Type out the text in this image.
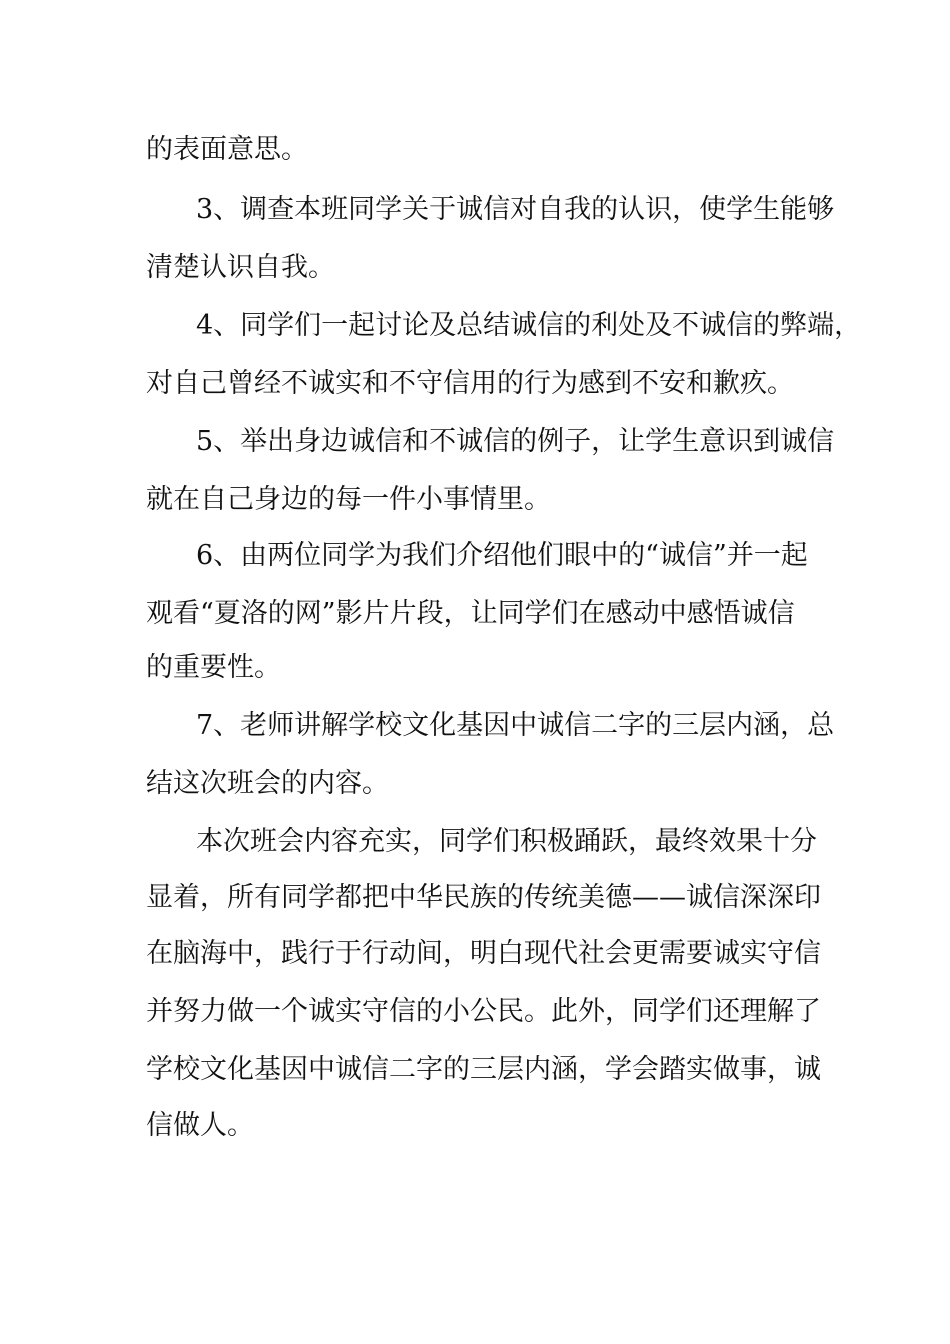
的表面意思。

3、调查本班同学关于诚信对自我的认识，使学生能够

清楚认识自我。

4、同学们一起讨论及总结诚信的利处及不诚信的弊端，

对自己曾经不诚实和不守信用的行为感到不安和歉疚。

5、举出身边诚信和不诚信的例子，让学生意识到诚信

就在自己身边的每一件小事情里。

6、由两位同学为我们介绍他们眼中的“诚信”并一起

观看“夏洛的网”影片片段，让同学们在感动中感悟诚信

的重要性。

7、老师讲解学校文化基因中诚信二字的三层内涵，总

结这次班会的内容。

本次班会内容充实，同学们积极踊跃，最终效果十分

显着，所有同学都把中华民族的传统美德——诚信深深印

在脑海中，践行于行动间，明白现代社会更需要诚实守信

并努力做一个诚实守信的小公民。此外，同学们还理解了

学校文化基因中诚信二字的三层内涵，学会踏实做事，诚

信做人。
